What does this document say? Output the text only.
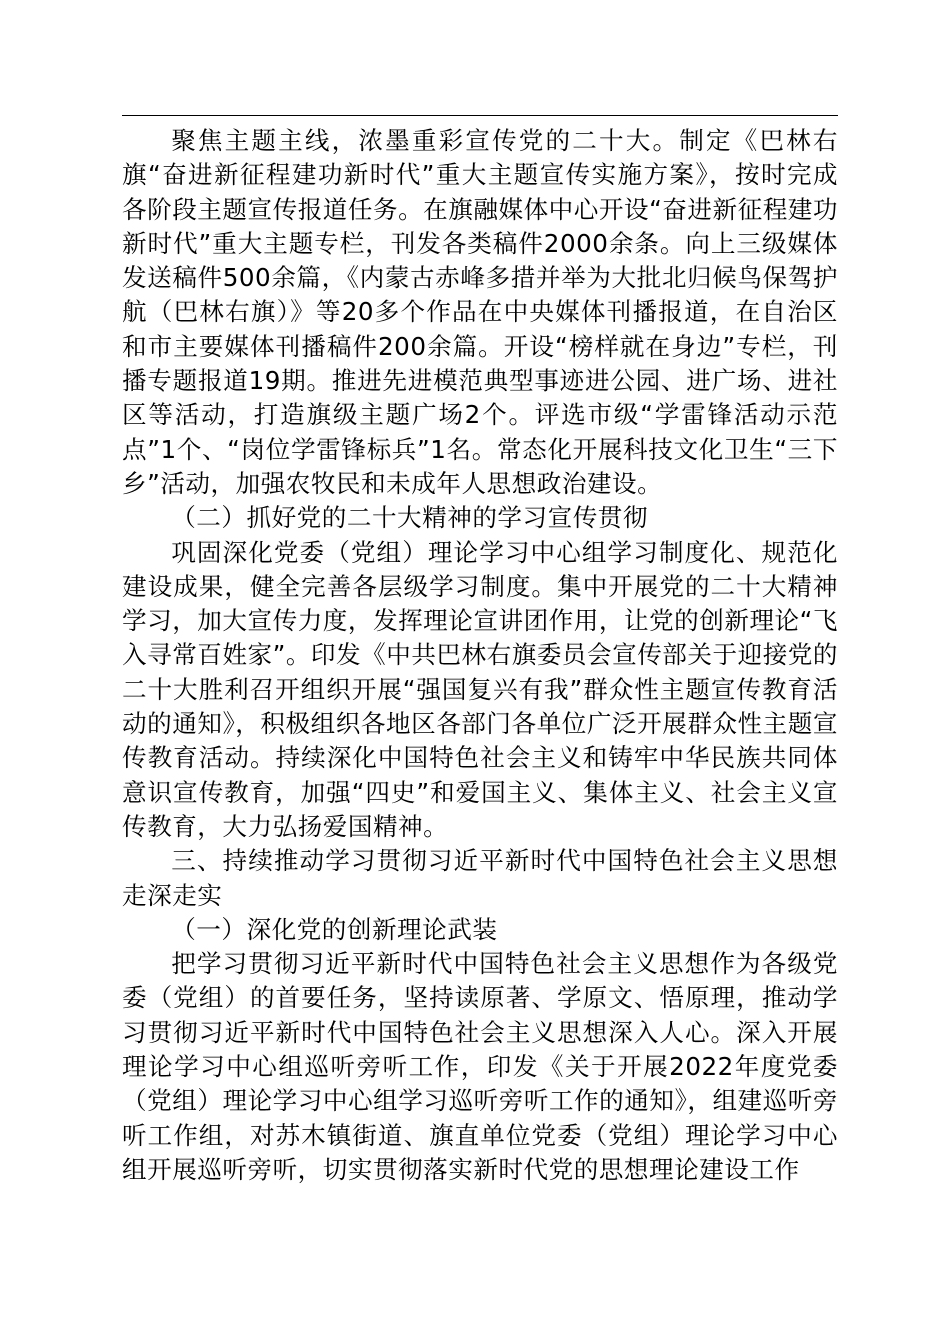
聚焦主题主线，浓墨重彩宣传党的二十大。制定《巴林右旗“奋进新征程建功新时代”重大主题宣传实施方案》，按时完成各阶段主题宣传报道任务。在旗融媒体中心开设“奋进新征程建功新时代”重大主题专栏，刊发各类稿件2000余条。向上三级媒体发送稿件500余篇，《内蒙古赤峰多措并举为大批北归候鸟保驾护航（巴林右旗）》等20多个作品在中央媒体刊播报道，在自治区和市主要媒体刊播稿件200余篇。开设“榜样就在身边”专栏，刊播专题报道19期。推进先进模范典型事迹进公园、进广场、进社区等活动，打造旗级主题广场2个。评选市级“学雷锋活动示范点”1个、“岗位学雷锋标兵”1名。常态化开展科技文化卫生“三下乡”活动，加强农牧民和未成年人思想政治建设。

（二）抓好党的二十大精神的学习宣传贯彻

巩固深化党委（党组）理论学习中心组学习制度化、规范化建设成果，健全完善各层级学习制度。集中开展党的二十大精神学习，加大宣传力度，发挥理论宣讲团作用，让党的创新理论“飞入寻常百姓家”。印发《中共巴林右旗委员会宣传部关于迎接党的二十大胜利召开组织开展“强国复兴有我”群众性主题宣传教育活动的通知》，积极组织各地区各部门各单位广泛开展群众性主题宣传教育活动。持续深化中国特色社会主义和铸牢中华民族共同体意识宣传教育，加强“四史”和爱国主义、集体主义、社会主义宣传教育，大力弘扬爱国精神。

三、持续推动学习贯彻习近平新时代中国特色社会主义思想走深走实

（一）深化党的创新理论武装

把学习贯彻习近平新时代中国特色社会主义思想作为各级党委（党组）的首要任务，坚持读原著、学原文、悟原理，推动学习贯彻习近平新时代中国特色社会主义思想深入人心。深入开展理论学习中心组巡听旁听工作，印发《关于开展2022年度党委（党组）理论学习中心组学习巡听旁听工作的通知》，组建巡听旁听工作组，对苏木镇街道、旗直单位党委（党组）理论学习中心组开展巡听旁听，切实贯彻落实新时代党的思想理论建设工作
